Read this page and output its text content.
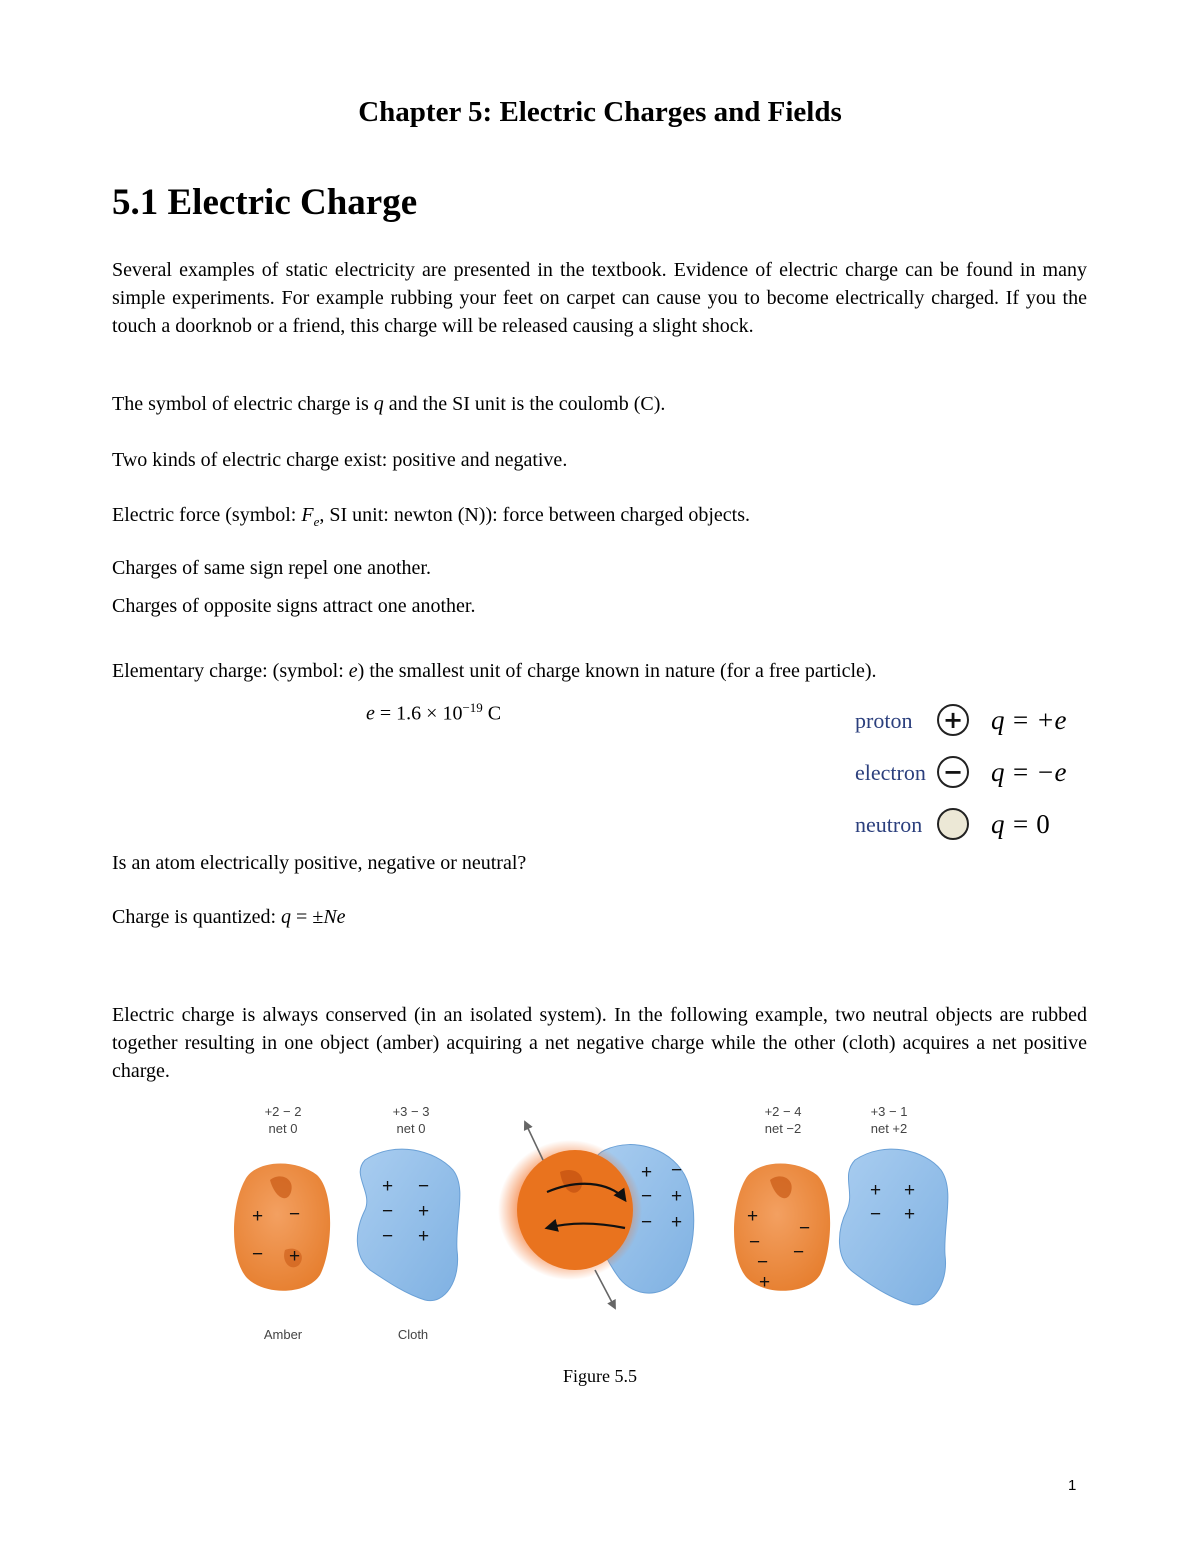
Chapter 5: Electric Charges and Fields
5.1 Electric Charge
Several examples of static electricity are presented in the textbook. Evidence of electric charge can be found in many simple experiments. For example rubbing your feet on carpet can cause you to become electrically charged. If you the touch a doorknob or a friend, this charge will be released causing a slight shock.
The symbol of electric charge is q and the SI unit is the coulomb (C).
Two kinds of electric charge exist: positive and negative.
Electric force (symbol: $F_e$, SI unit: newton (N)): force between charged objects.
Charges of same sign repel one another.
Charges of opposite signs attract one another.
Elementary charge: (symbol: e) the smallest unit of charge known in nature (for a free particle).
$e = 1.6 \times 10^{-19}$ C	proton + q = +e
electron − q = −e
neutron	q = 0
Is an atom electrically positive, negative or neutral?
Charge is quantized: q = ±Ne
Electric charge is always conserved (in an isolated system). In the following example, two neutral objects are rubbed together resulting in one object (amber) acquiring a net negative charge while the other (cloth) acquires a net positive charge.
+2 − 2
net 0
+3 − 3
net 0
+2 − 4
net −2
+3 − 1
net +2
+ −
− +
+ −
− +
− +
Amber	Cloth
+ −
− +
− +	+
−
− −
−
+
+ +
− +
Figure 5.5
1
